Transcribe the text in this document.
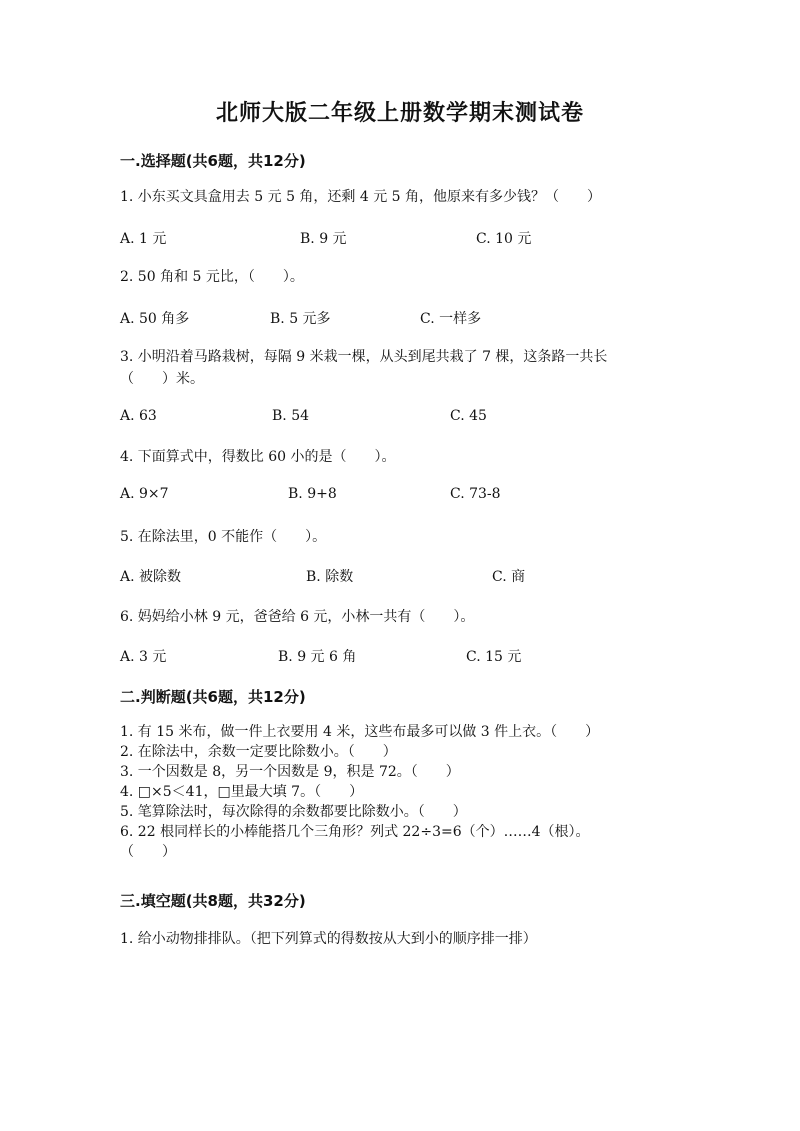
北师大版二年级上册数学期末测试卷
一.选择题(共6题，共12分)
1. 小东买文具盒用去 5 元 5 角，还剩 4 元 5 角，他原来有多少钱？（　　）
A. 1 元	B. 9 元	C. 10 元
2. 50 角和 5 元比，（　　）。
A. 50 角多	B. 5 元多	C. 一样多
3. 小明沿着马路栽树，每隔 9 米栽一棵，从头到尾共栽了 7 棵，这条路一共长
（　　）米。
A. 63	B. 54	C. 45
4. 下面算式中，得数比 60 小的是（　　）。
A. 9×7	B. 9+8	C. 73-8
5. 在除法里，0 不能作（　　）。
A. 被除数	B. 除数	C. 商
6. 妈妈给小林 9 元，爸爸给 6 元，小林一共有（　　）。
A. 3 元	B. 9 元 6 角	C. 15 元
二.判断题(共6题，共12分)
1. 有 15 米布，做一件上衣要用 4 米，这些布最多可以做 3 件上衣。（　　）
2. 在除法中，余数一定要比除数小。（　　）
3. 一个因数是 8，另一个因数是 9，积是 72。（　　）
4. □×5＜41，□里最大填 7。（　　）
5. 笔算除法时，每次除得的余数都要比除数小。（　　）
6. 22 根同样长的小棒能搭几个三角形？列式 22÷3=6（个）……4（根）。
（　　）
三.填空题(共8题，共32分)
1. 给小动物排排队。（把下列算式的得数按从大到小的顺序排一排）
